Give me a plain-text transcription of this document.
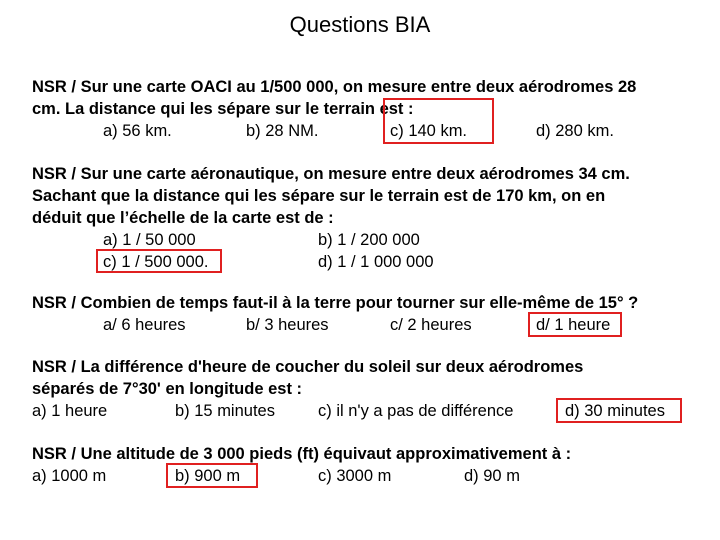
Questions BIA
NSR / Sur une carte OACI au 1/500 000, on mesure entre deux aérodromes 28
cm. La distance qui les sépare sur le terrain est :
a) 56 km.	b) 28 NM.	c) 140 km.	d) 280 km.
NSR / Sur une carte aéronautique, on mesure entre deux aérodromes 34 cm.
Sachant que la distance qui les sépare sur le terrain est de 170 km, on en
déduit que l’échelle de la carte est de :
a) 1 / 50 000	b) 1 / 200 000
c) 1 / 500 000.	d) 1 / 1 000 000
NSR / Combien de temps faut-il à la terre pour tourner sur elle-même de 15° ?
a/ 6 heures	b/ 3 heures	c/ 2 heures	d/ 1 heure
NSR / La différence d'heure de coucher du soleil sur deux aérodromes
séparés de 7°30' en longitude est :
a) 1 heure	b) 15 minutes	c) il n'y a pas de différence	d) 30 minutes
NSR / Une altitude de 3 000 pieds (ft) équivaut approximativement à :
a) 1000 m	b) 900 m	c) 3000 m	d) 90 m
